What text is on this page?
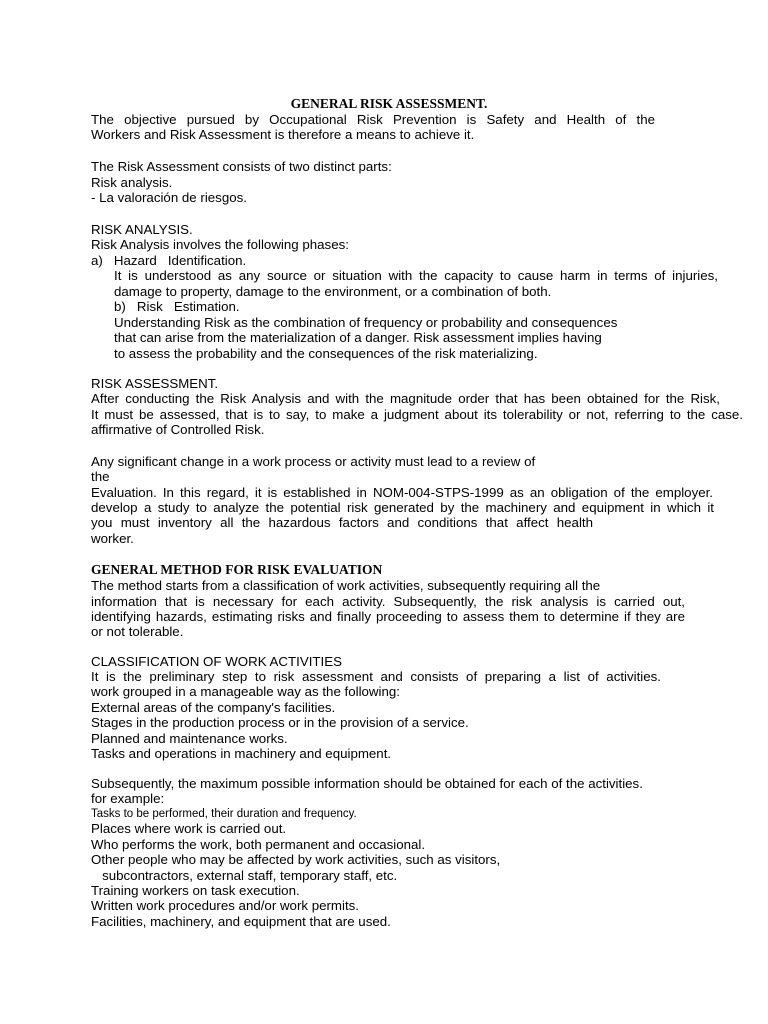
GENERAL RISK ASSESSMENT.
The objective pursued by Occupational Risk Prevention is Safety and Health of the
Workers and Risk Assessment is therefore a means to achieve it.
The Risk Assessment consists of two distinct parts:
Risk analysis.
- La valoración de riesgos.
RISK ANALYSIS.
Risk Analysis involves the following phases:
a)   Hazard   Identification.
It is understood as any source or situation with the capacity to cause harm in terms of injuries,
damage to property, damage to the environment, or a combination of both.
b)   Risk   Estimation.
Understanding Risk as the combination of frequency or probability and consequences
that can arise from the materialization of a danger. Risk assessment implies having
to assess the probability and the consequences of the risk materializing.
RISK ASSESSMENT.
After conducting the Risk Analysis and with the magnitude order that has been obtained for the Risk,
It must be assessed, that is to say, to make a judgment about its tolerability or not, referring to the case.
affirmative of Controlled Risk.
Any significant change in a work process or activity must lead to a review of
the
Evaluation. In this regard, it is established in NOM-004-STPS-1999 as an obligation of the employer.
develop a study to analyze the potential risk generated by the machinery and equipment in which it
you must inventory all the hazardous factors and conditions that affect health
worker.
GENERAL METHOD FOR RISK EVALUATION
The method starts from a classification of work activities, subsequently requiring all the
information that is necessary for each activity. Subsequently, the risk analysis is carried out,
identifying hazards, estimating risks and finally proceeding to assess them to determine if they are
or not tolerable.
CLASSIFICATION OF WORK ACTIVITIES
It is the preliminary step to risk assessment and consists of preparing a list of activities.
work grouped in a manageable way as the following:
External areas of the company's facilities.
Stages in the production process or in the provision of a service.
Planned and maintenance works.
Tasks and operations in machinery and equipment.
Subsequently, the maximum possible information should be obtained for each of the activities.
for example:
Tasks to be performed, their duration and frequency.
Places where work is carried out.
Who performs the work, both permanent and occasional.
Other people who may be affected by work activities, such as visitors,
subcontractors, external staff, temporary staff, etc.
Training workers on task execution.
Written work procedures and/or work permits.
Facilities, machinery, and equipment that are used.
